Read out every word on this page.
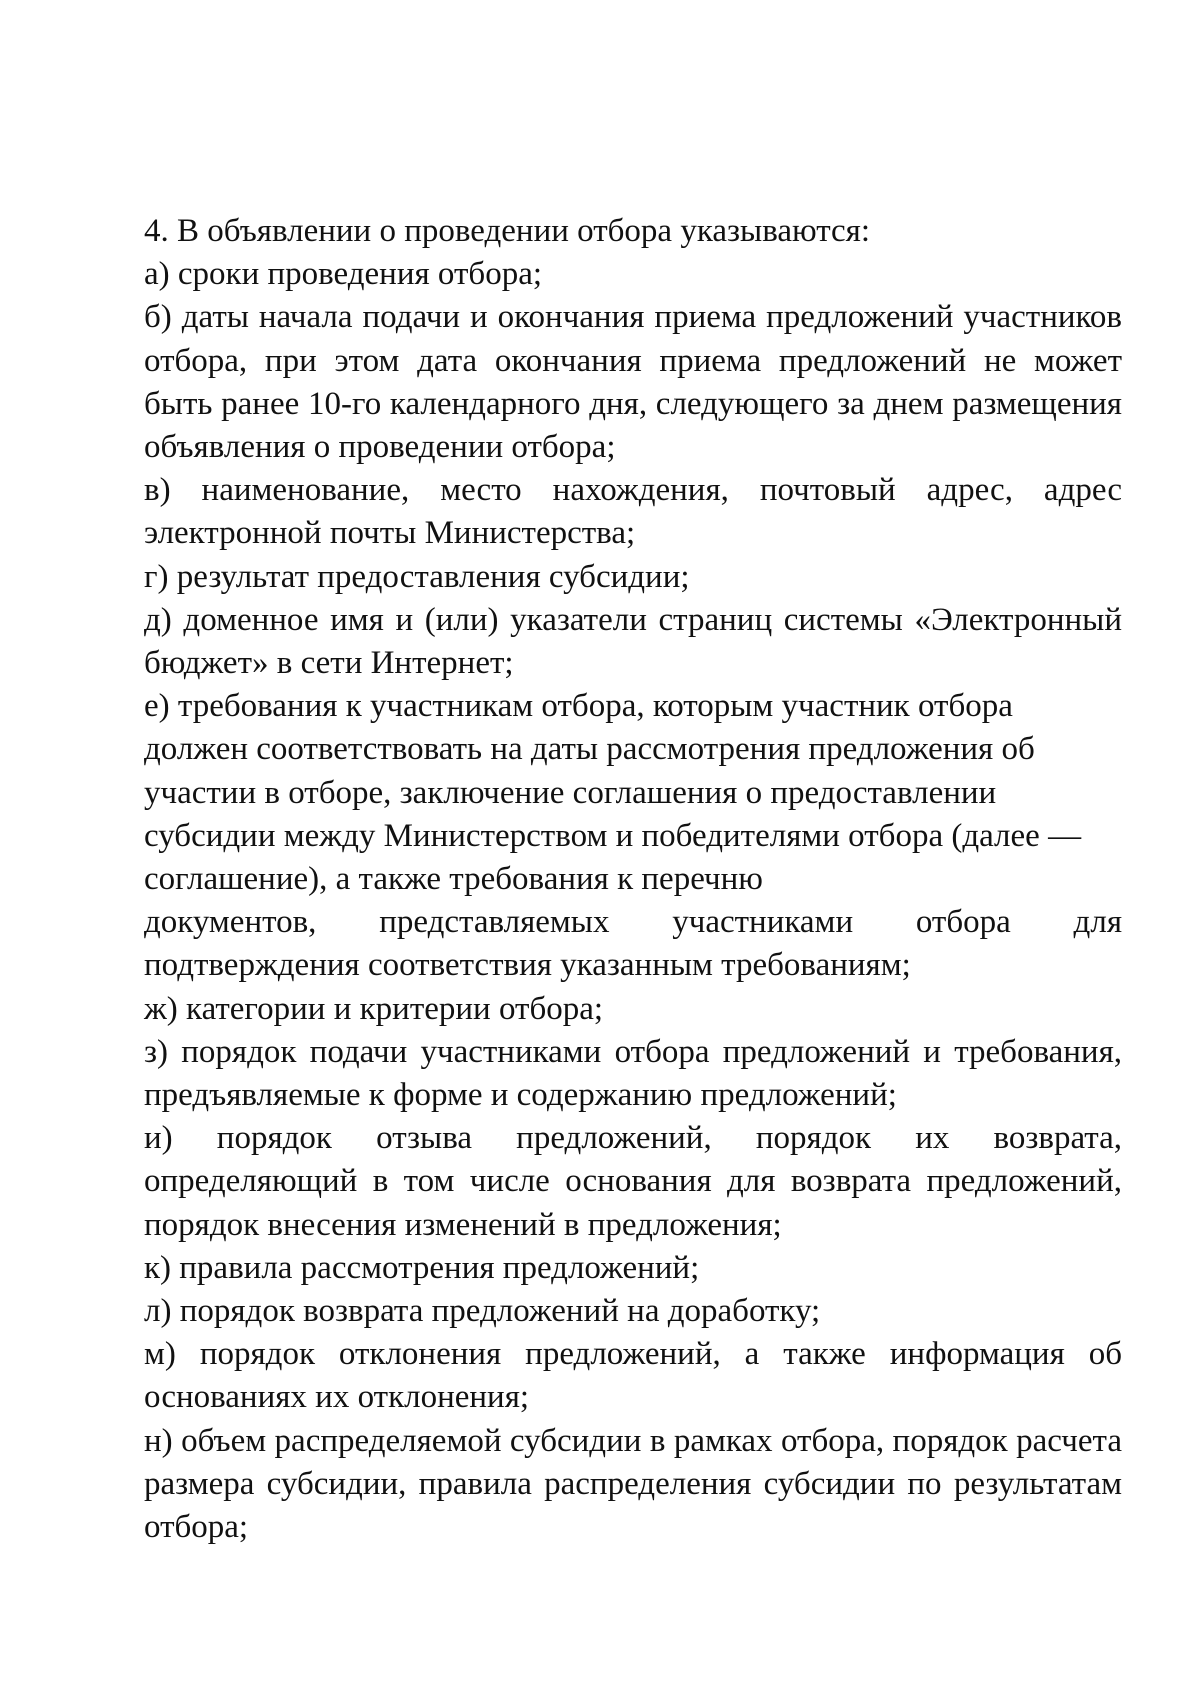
4. В объявлении о проведении отбора указываются:

а) сроки проведения отбора;

б) даты начала подачи и окончания приема предложений участников отбора, при этом дата окончания приема предложений не может быть ранее 10-го календарного дня, следующего за днем размещения объявления о проведении отбора;

в) наименование, место нахождения, почтовый адрес, адрес электронной почты Министерства;

г) результат предоставления субсидии;

д) доменное имя и (или) указатели страниц системы «Электронный бюджет» в сети Интернет;

е) требования к участникам отбора, которым участник отбора должен соответствовать на даты рассмотрения предложения об участии в отборе, заключение соглашения о предоставлении субсидии между Министерством и победителями отбора (далее — соглашение), а также требования к перечню

документов, представляемых участниками отбора для подтверждения соответствия указанным требованиям;

ж) категории и критерии отбора;

з) порядок подачи участниками отбора предложений и требования, предъявляемые к форме и содержанию предложений;

и) порядок отзыва предложений, порядок их возврата, определяющий в том числе основания для возврата предложений, порядок внесения изменений в предложения;

к) правила рассмотрения предложений;

л) порядок возврата предложений на доработку;

м) порядок отклонения предложений, а также информация об основаниях их отклонения;

н) объем распределяемой субсидии в рамках отбора, порядок расчета размера субсидии, правила распределения субсидии по результатам отбора;
